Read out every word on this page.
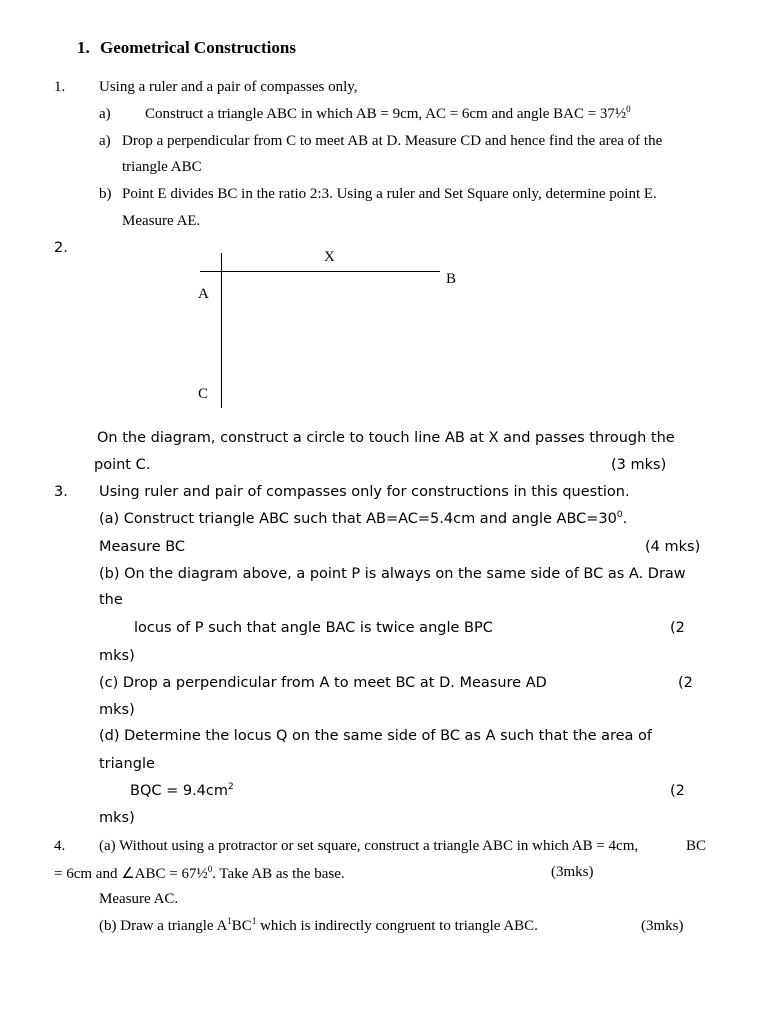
1. Geometrical Constructions
1. Using a ruler and a pair of compasses only,
a) Construct a triangle ABC in which AB = 9cm, AC = 6cm and angle BAC = 37½$^0$
a) Drop a perpendicular from C to meet AB at D. Measure CD and hence find the area of the
triangle ABC
b) Point E divides BC in the ratio 2:3. Using a ruler and Set Square only, determine point E.
Measure AE.
2.
X
B
A
C
On the diagram, construct a circle to touch line AB at X and passes through the
point C.	(3 mks)
3. Using ruler and pair of compasses only for constructions in this question.
(a) Construct triangle ABC such that AB=AC=5.4cm and angle $ABC=30^0$.
Measure BC	(4 mks)
(b) On the diagram above, a point P is always on the same side of BC as A. Draw
the
locus of P such that angle BAC is twice angle BPC	(2
mks)
(c) Drop a perpendicular from A to meet BC at D. Measure AD	(2
mks)
(d) Determine the locus Q on the same side of BC as A such that the area of
triangle
BQC = $9.4cm^2$	(2
mks)
4. (a) Without using a protractor or set square, construct a triangle ABC in which AB = 4cm,	BC
= 6cm and ∠ABC = 67½$^0$. Take AB as the base.	(3mks)
Measure AC.
(b) Draw a triangle $A^1BC^1$ which is indirectly congruent to triangle ABC.	(3mks)
